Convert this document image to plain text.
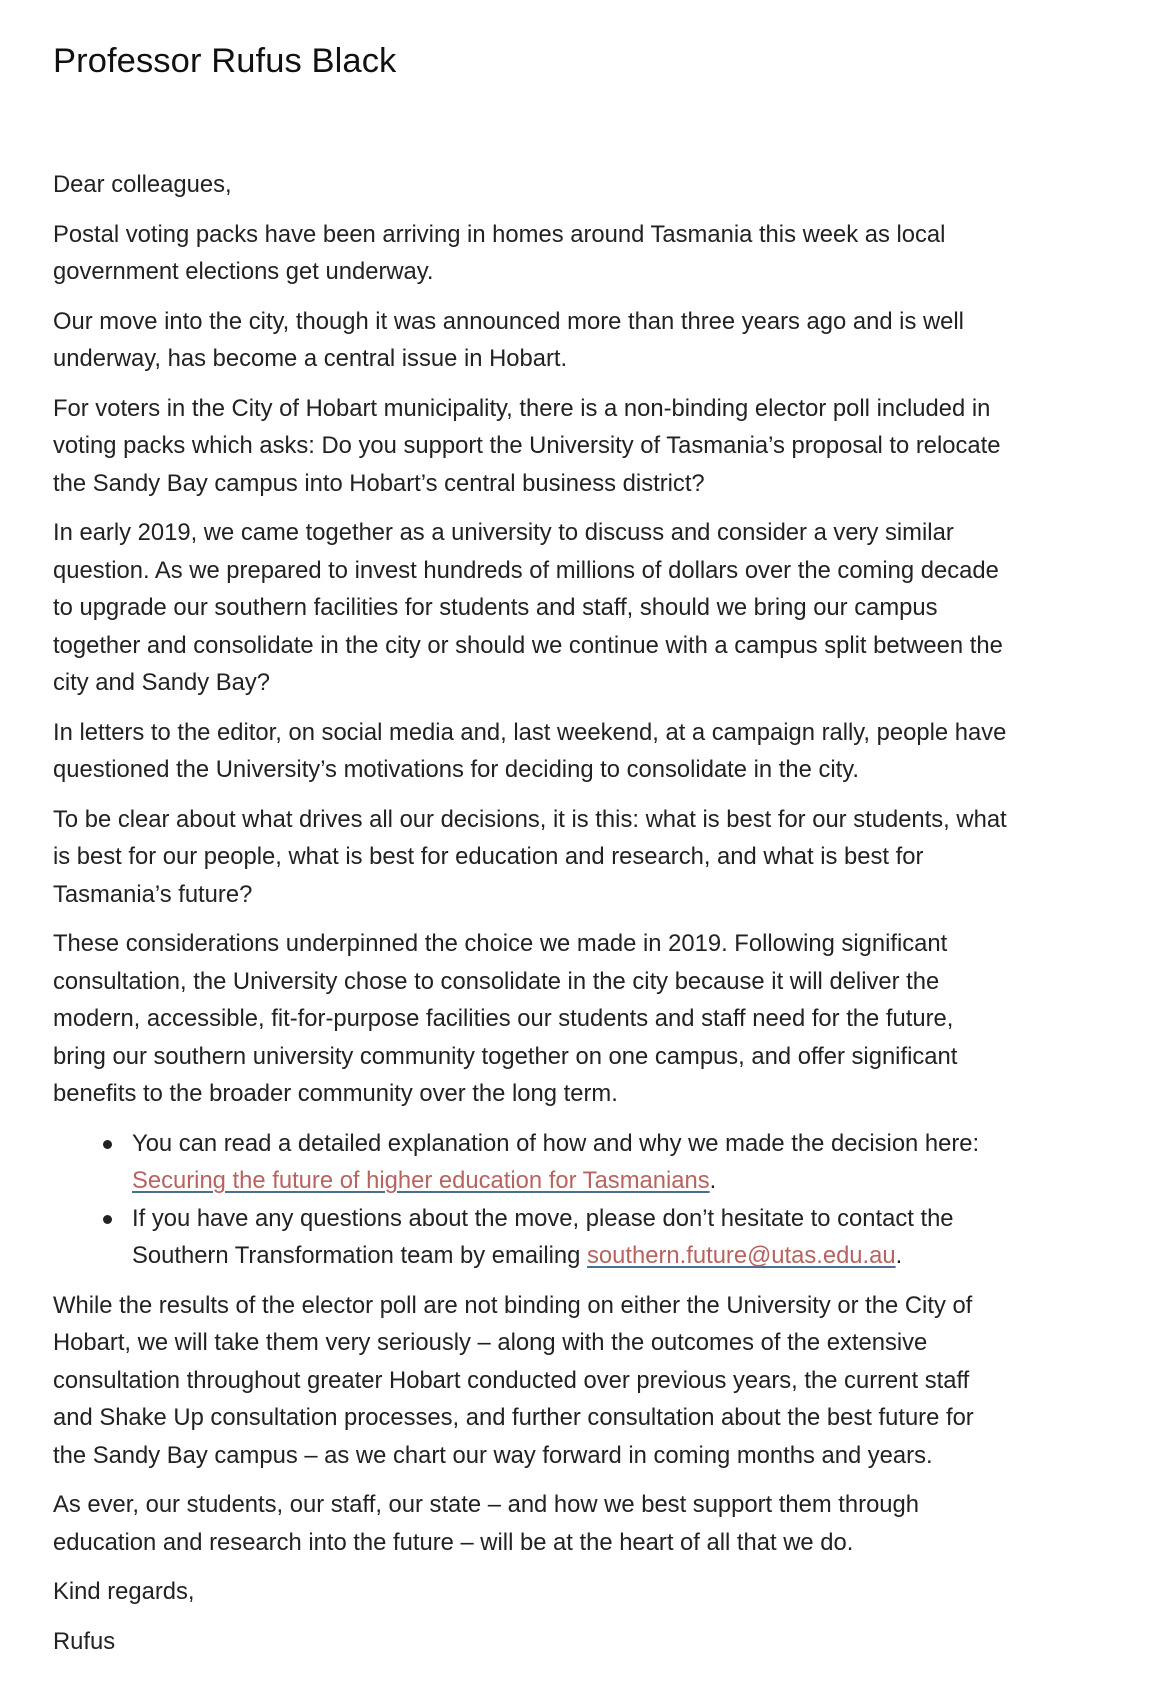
Professor Rufus Black

Dear colleagues,

Postal voting packs have been arriving in homes around Tasmania this week as local
government elections get underway.

Our move into the city, though it was announced more than three years ago and is well
underway, has become a central issue in Hobart.

For voters in the City of Hobart municipality, there is a non-binding elector poll included in
voting packs which asks: Do you support the University of Tasmania’s proposal to relocate
the Sandy Bay campus into Hobart’s central business district?

In early 2019, we came together as a university to discuss and consider a very similar
question. As we prepared to invest hundreds of millions of dollars over the coming decade
to upgrade our southern facilities for students and staff, should we bring our campus
together and consolidate in the city or should we continue with a campus split between the
city and Sandy Bay?

In letters to the editor, on social media and, last weekend, at a campaign rally, people have
questioned the University’s motivations for deciding to consolidate in the city.

To be clear about what drives all our decisions, it is this: what is best for our students, what
is best for our people, what is best for education and research, and what is best for
Tasmania’s future?

These considerations underpinned the choice we made in 2019. Following significant
consultation, the University chose to consolidate in the city because it will deliver the
modern, accessible, fit-for-purpose facilities our students and staff need for the future,
bring our southern university community together on one campus, and offer significant
benefits to the broader community over the long term.

You can read a detailed explanation of how and why we made the decision here:
Securing the future of higher education for Tasmanians.
If you have any questions about the move, please don’t hesitate to contact the
Southern Transformation team by emailing southern.future@utas.edu.au.

While the results of the elector poll are not binding on either the University or the City of
Hobart, we will take them very seriously – along with the outcomes of the extensive
consultation throughout greater Hobart conducted over previous years, the current staff
and Shake Up consultation processes, and further consultation about the best future for
the Sandy Bay campus – as we chart our way forward in coming months and years.

As ever, our students, our staff, our state – and how we best support them through
education and research into the future – will be at the heart of all that we do.

Kind regards,

Rufus
